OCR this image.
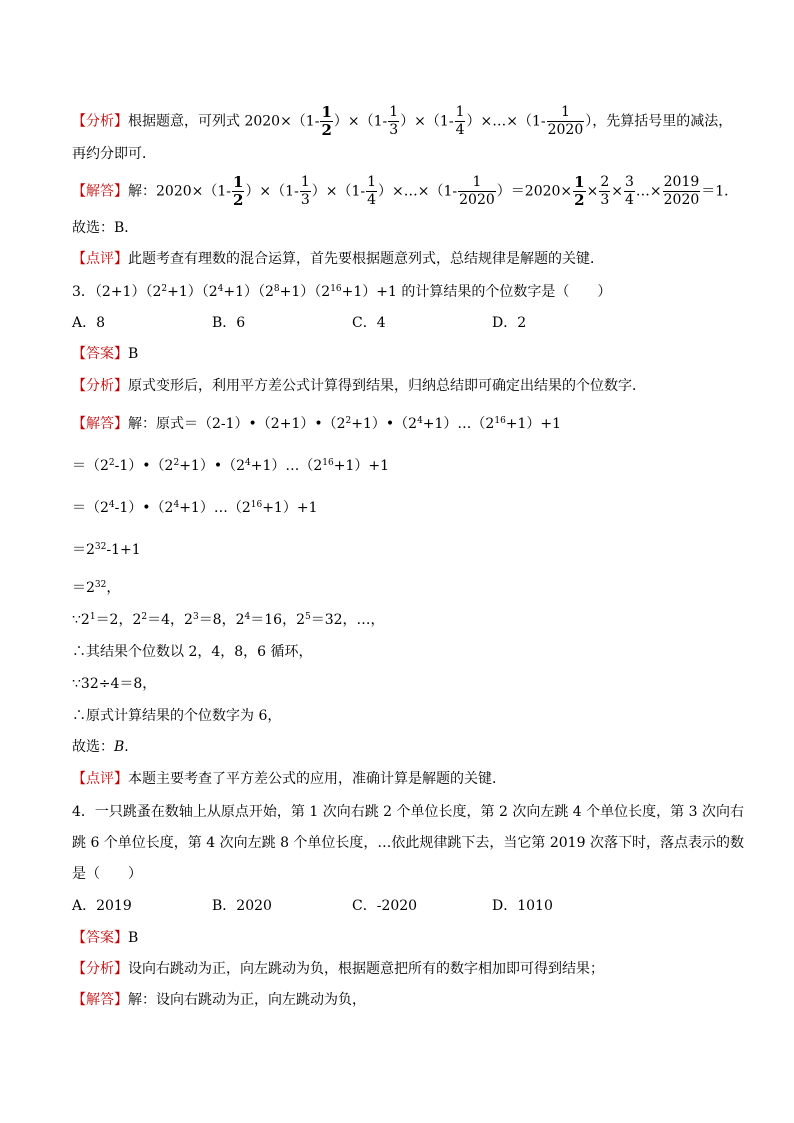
【分析】根据题意，可列式 $2020\times(1- \frac{1}{2} )\times(1- \frac{1}{3} )\times(1- \frac{1}{4}$ ）×…×（1- $\frac{1}{2020}$ ），先算括号里的减法，
再约分即可．
【解答】解：$2020\times(1- \frac{1}{2} )\times(1- \frac{1}{3} )\times(1- \frac{1}{4}$ ）×…×（1- $\frac{1}{2020} )=2020\times \frac{1}{2} \times \frac{2}{3} \times \frac{3}{4}$ …× $\frac{2019}{2020} =1$．
故选：B．
【点评】此题考查有理数的混合运算，首先要根据题意列式，总结规律是解题的关键．
3．$(2+1)(2^2+1)(2^4+1)(2^8+1)(2^{16}+1)+1$ 的计算结果的个位数字是（　　）
A．8	B．6	C．4	D．2
【答案】B
【分析】原式变形后，利用平方差公式计算得到结果，归纳总结即可确定出结果的个位数字．
【解答】解：原式$=(2-1)•(2+1)•(2^2+1)•(2^4+1)\dots(2^{16}+1)+1$
$=(2^2-1)•(2^2+1)•(2^4+1)\dots(2^{16}+1)+1$
$=(2^4-1)•(2^4+1)\dots(2^{16}+1)+1$
$=2^{32}-1+1$
$=2^{32}$，
$\because 2^1=2$，$2^2=4$，$2^3=8$，$2^4=16$，$2^5=32$，…，
∴其结果个位数以 2，4，8，6 循环，
∵32÷4＝8，
∴原式计算结果的个位数字为 6，
故选：B．
【点评】本题主要考查了平方差公式的应用，准确计算是解题的关键．
4．一只跳蚤在数轴上从原点开始，第 1 次向右跳 2 个单位长度，第 2 次向左跳 4 个单位长度，第 3 次向右
跳 6 个单位长度，第 4 次向左跳 8 个单位长度，…依此规律跳下去，当它第 2019 次落下时，落点表示的数
是（　　）
A．2019	B．2020	C．-2020	D．1010
【答案】B
【分析】设向右跳动为正，向左跳动为负，根据题意把所有的数字相加即可得到结果；
【解答】解：设向右跳动为正，向左跳动为负，
